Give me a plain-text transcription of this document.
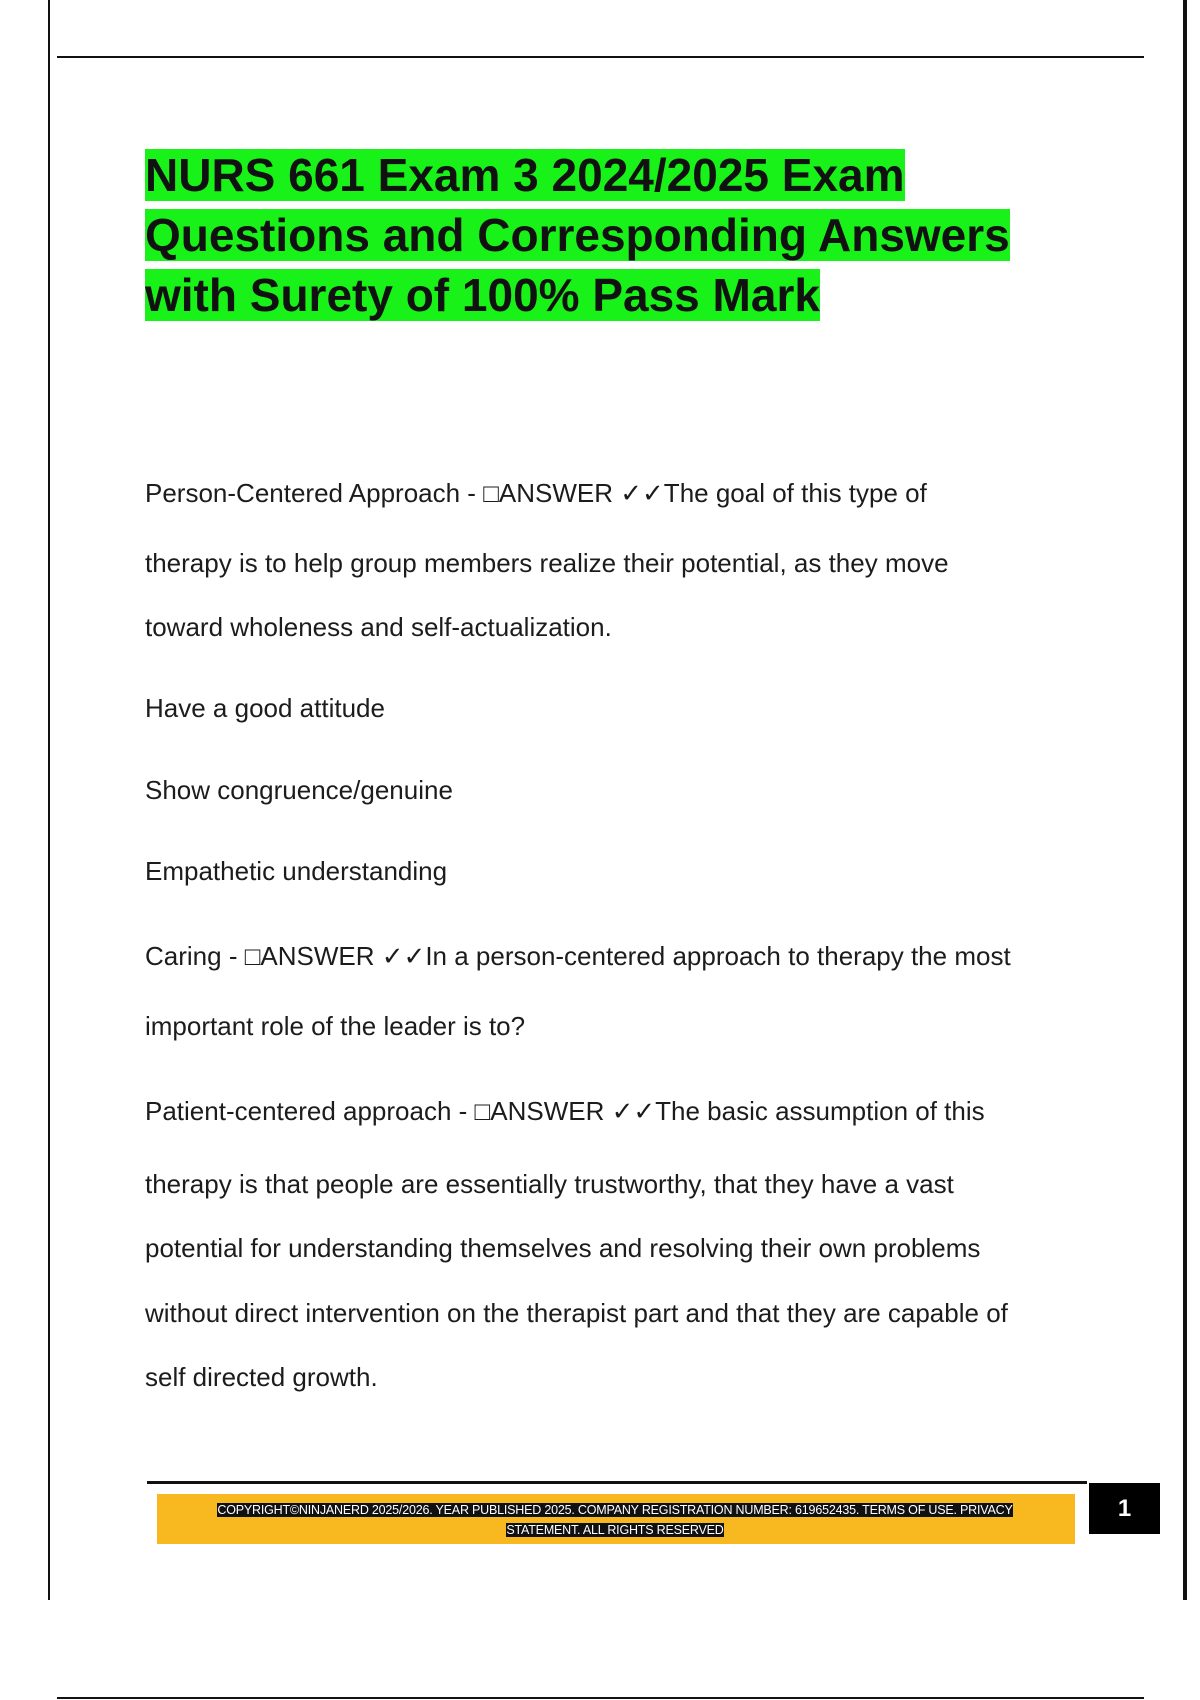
NURS 661 Exam 3 2024/2025 Exam
Questions and Corresponding Answers
with Surety of 100% Pass Mark
Person-Centered Approach - □ANSWER ✓✓The goal of this type of
therapy is to help group members realize their potential, as they move
toward wholeness and self-actualization.
Have a good attitude
Show congruence/genuine
Empathetic understanding
Caring - □ANSWER ✓✓In a person-centered approach to therapy the most
important role of the leader is to?
Patient-centered approach - □ANSWER ✓✓The basic assumption of this
therapy is that people are essentially trustworthy, that they have a vast
potential for understanding themselves and resolving their own problems
without direct intervention on the therapist part and that they are capable of
self directed growth.
COPYRIGHT©NINJANERD 2025/2026. YEAR PUBLISHED 2025. COMPANY REGISTRATION NUMBER: 619652435. TERMS OF USE. PRIVACY
STATEMENT. ALL RIGHTS RESERVED
1
